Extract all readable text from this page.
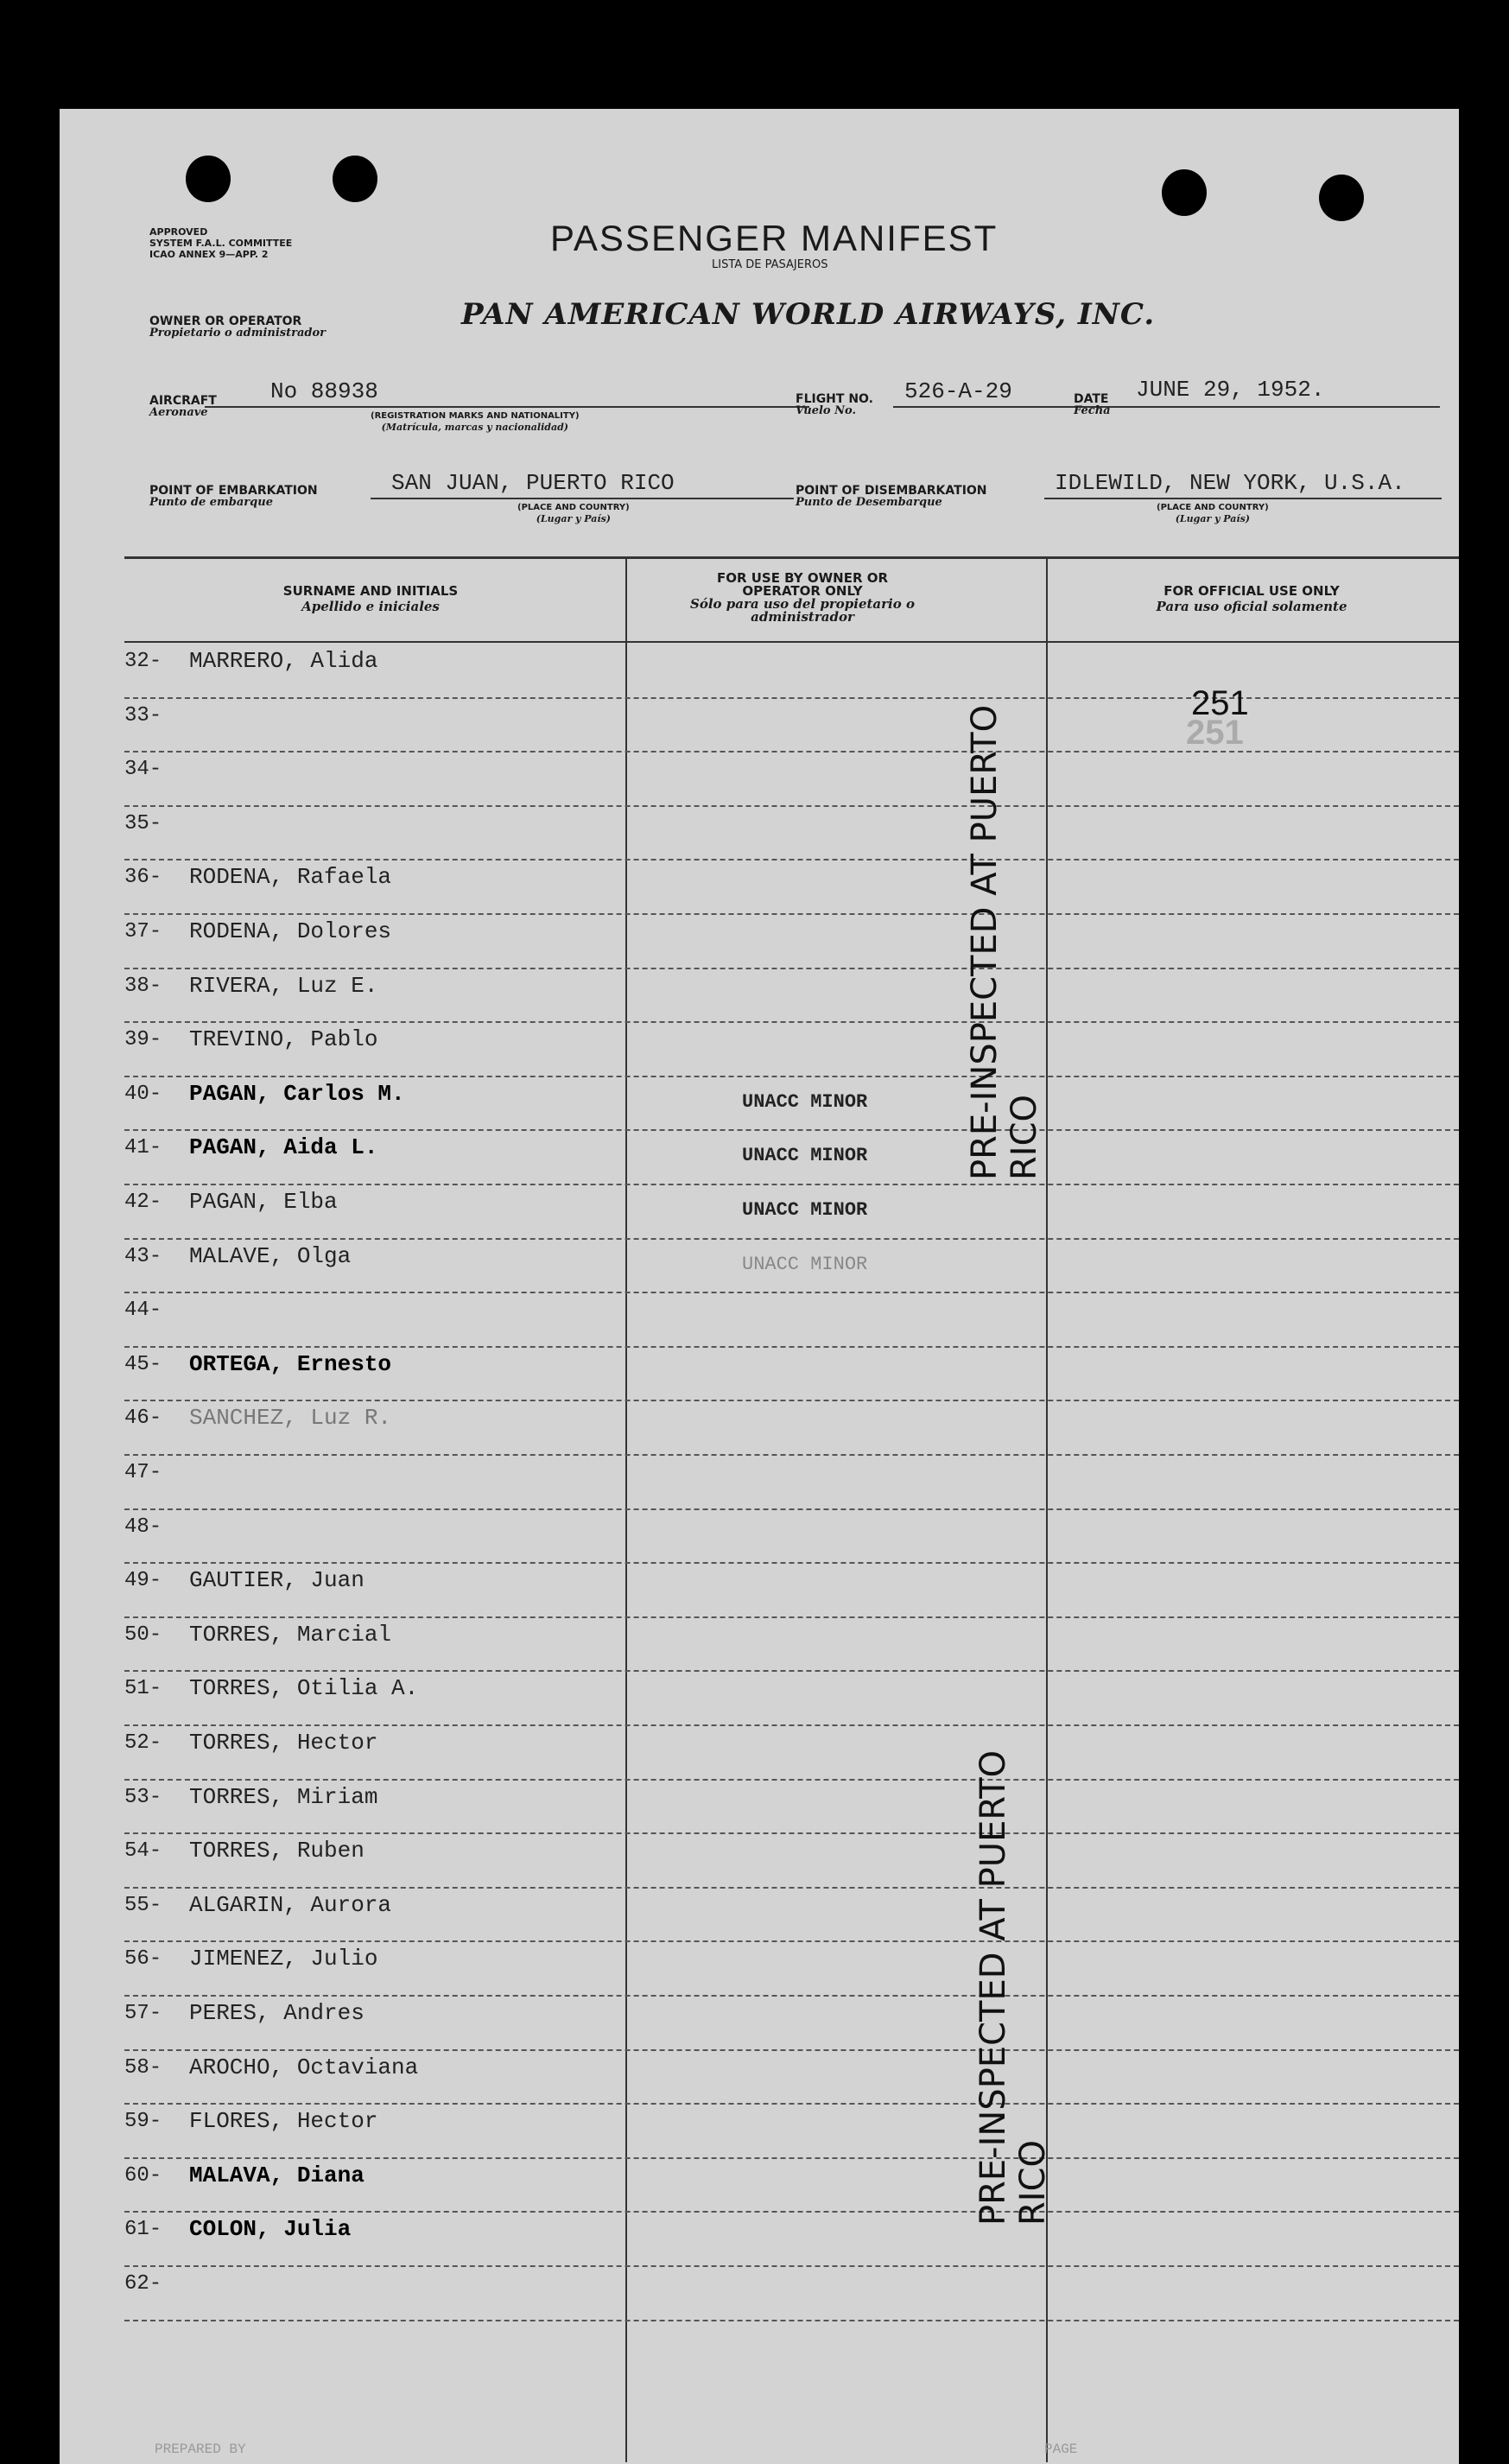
APPROVED
SYSTEM F.A.L. COMMITTEE
ICAO ANNEX 9—APP. 2	PASSENGER MANIFEST
LISTA DE PASAJEROS
OWNER OR OPERATOR
Propietario o administrador
PAN AMERICAN WORLD AIRWAYS, INC.
AIRCRAFT
Aeronave
No 88938
(REGISTRATION MARKS AND NATIONALITY)
(Matrícula, marcas y nacionalidad)
FLIGHT NO.
Vuelo No.
526-A-29	DATE
Fecha
JUNE 29, 1952.
POINT OF EMBARKATION
Punto de embarque
SAN JUAN, PUERTO RICO
(PLACE AND COUNTRY)
(Lugar y País)
POINT OF DISEMBARKATION
Punto de Desembarque
IDLEWILD, NEW YORK, U.S.A.
(PLACE AND COUNTRY)
(Lugar y País)
SURNAME AND INITIALS
Apellido e iniciales
FOR USE BY OWNER OR OPERATOR ONLY
Sólo para uso del propietario o administrador
FOR OFFICIAL USE ONLY
Para uso oficial solamente
32- MARRERO, Alida
33-
34-
35-
36- RODENA, Rafaela
37- RODENA, Dolores
38- RIVERA, Luz E.
39- TREVINO, Pablo
40- PAGAN, Carlos M.	UNACC MINOR
41- PAGAN, Aida L.	UNACC MINOR
42- PAGAN, Elba	UNACC MINOR
43- MALAVE, Olga	UNACC MINOR
44-
45- ORTEGA, Ernesto
46- SANCHEZ, Luz R.
47-
48-
49- GAUTIER, Juan
50- TORRES, Marcial
51- TORRES, Otilia A.
52- TORRES, Hector
53- TORRES, Miriam
54- TORRES, Ruben
55- ALGARIN, Aurora
56- JIMENEZ, Julio
57- PERES, Andres
58- AROCHO, Octaviana
59- FLORES, Hector
60- MALAVA, Diana
61- COLON, Julia
62-
PRE-INSPECTED AT PUERTO RICO
PRE-INSPECTED AT PUERTO RICO
251
251
PREPARED BY	PAGE
